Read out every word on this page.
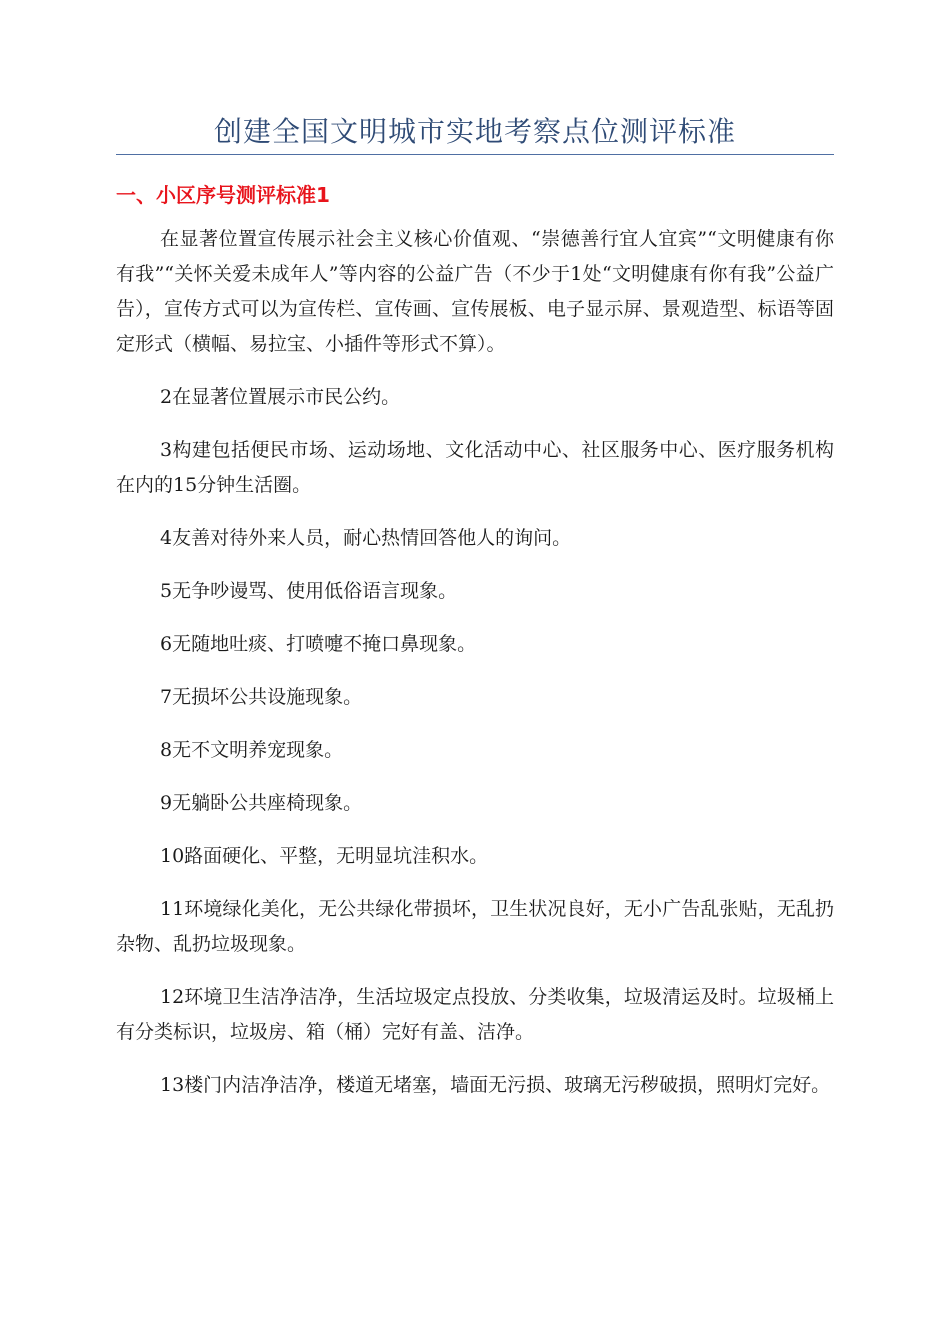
创建全国文明城市实地考察点位测评标准
一、小区序号测评标准1

在显著位置宣传展示社会主义核心价值观、“崇德善行宜人宜宾”“文明健康有你有我”“关怀关爱未成年人”等内容的公益广告（不少于1处“文明健康有你有我”公益广告），宣传方式可以为宣传栏、宣传画、宣传展板、电子显示屏、景观造型、标语等固定形式（横幅、易拉宝、小插件等形式不算）。

2在显著位置展示市民公约。

3构建包括便民市场、运动场地、文化活动中心、社区服务中心、医疗服务机构在内的15分钟生活圈。

4友善对待外来人员，耐心热情回答他人的询问。

5无争吵谩骂、使用低俗语言现象。

6无随地吐痰、打喷嚏不掩口鼻现象。

7无损坏公共设施现象。

8无不文明养宠现象。

9无躺卧公共座椅现象。

10路面硬化、平整，无明显坑洼积水。

11环境绿化美化，无公共绿化带损坏，卫生状况良好，无小广告乱张贴，无乱扔杂物、乱扔垃圾现象。

12环境卫生洁净洁净，生活垃圾定点投放、分类收集，垃圾清运及时。垃圾桶上有分类标识，垃圾房、箱（桶）完好有盖、洁净。

13楼门内洁净洁净，楼道无堵塞，墙面无污损、玻璃无污秽破损，照明灯完好。
